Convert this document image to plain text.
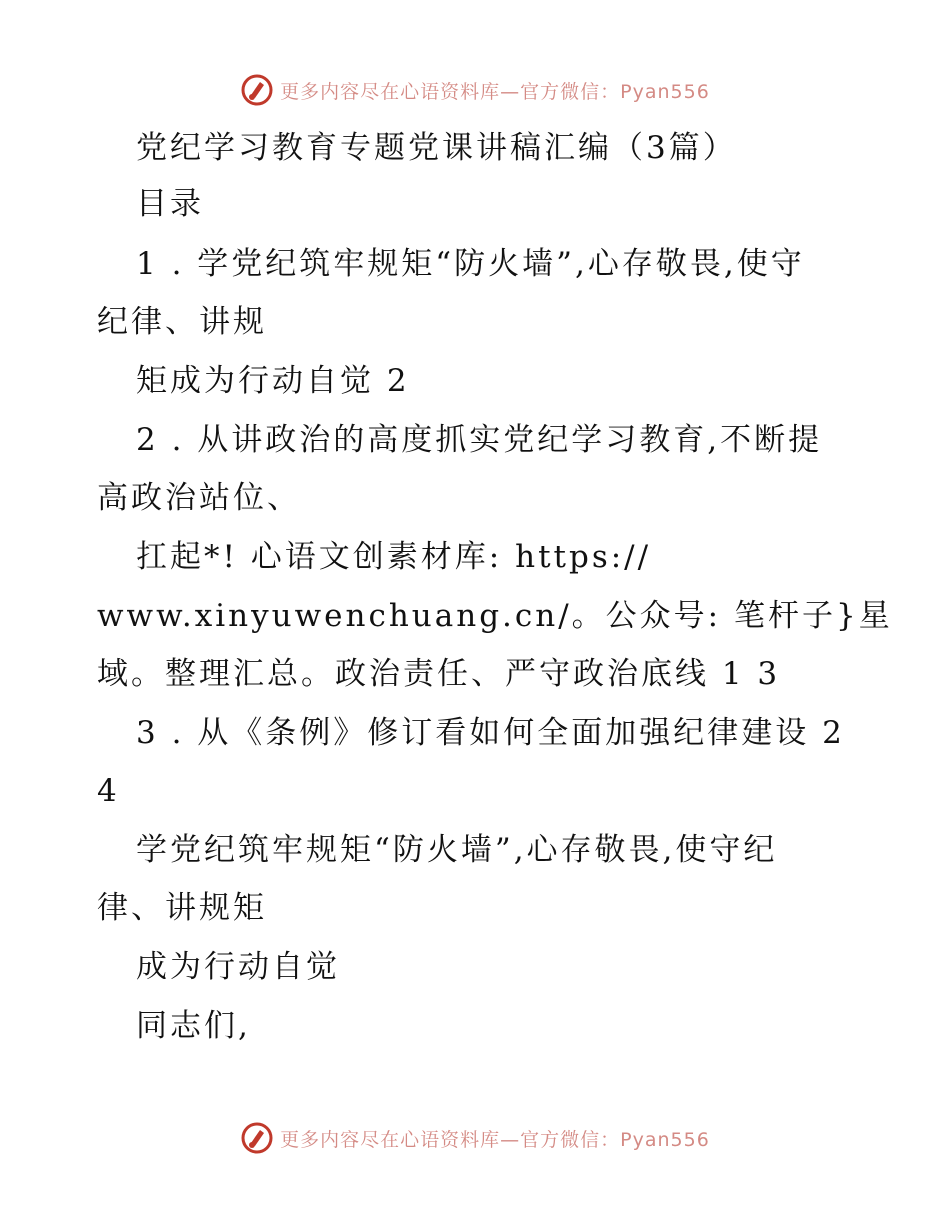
更多内容尽在心语资料库—官方微信：Pyan556
党纪学习教育专题党课讲稿汇编（3篇）
目录
1 . 学党纪筑牢规矩“防火墙”,心存敬畏,使守
纪律、讲规
矩成为行动自觉 2
2 . 从讲政治的高度抓实党纪学习教育,不断提
高政治站位、
扛起*! 心语文创素材库: https://
www.xinyuwenchuang.cn/。公众号: 笔杆子}星
域。整理汇总。政治责任、严守政治底线 1 3
3 . 从《条例》修订看如何全面加强纪律建设 2
4
学党纪筑牢规矩“防火墙”,心存敬畏,使守纪
律、讲规矩
成为行动自觉
同志们,
更多内容尽在心语资料库—官方微信：Pyan556
